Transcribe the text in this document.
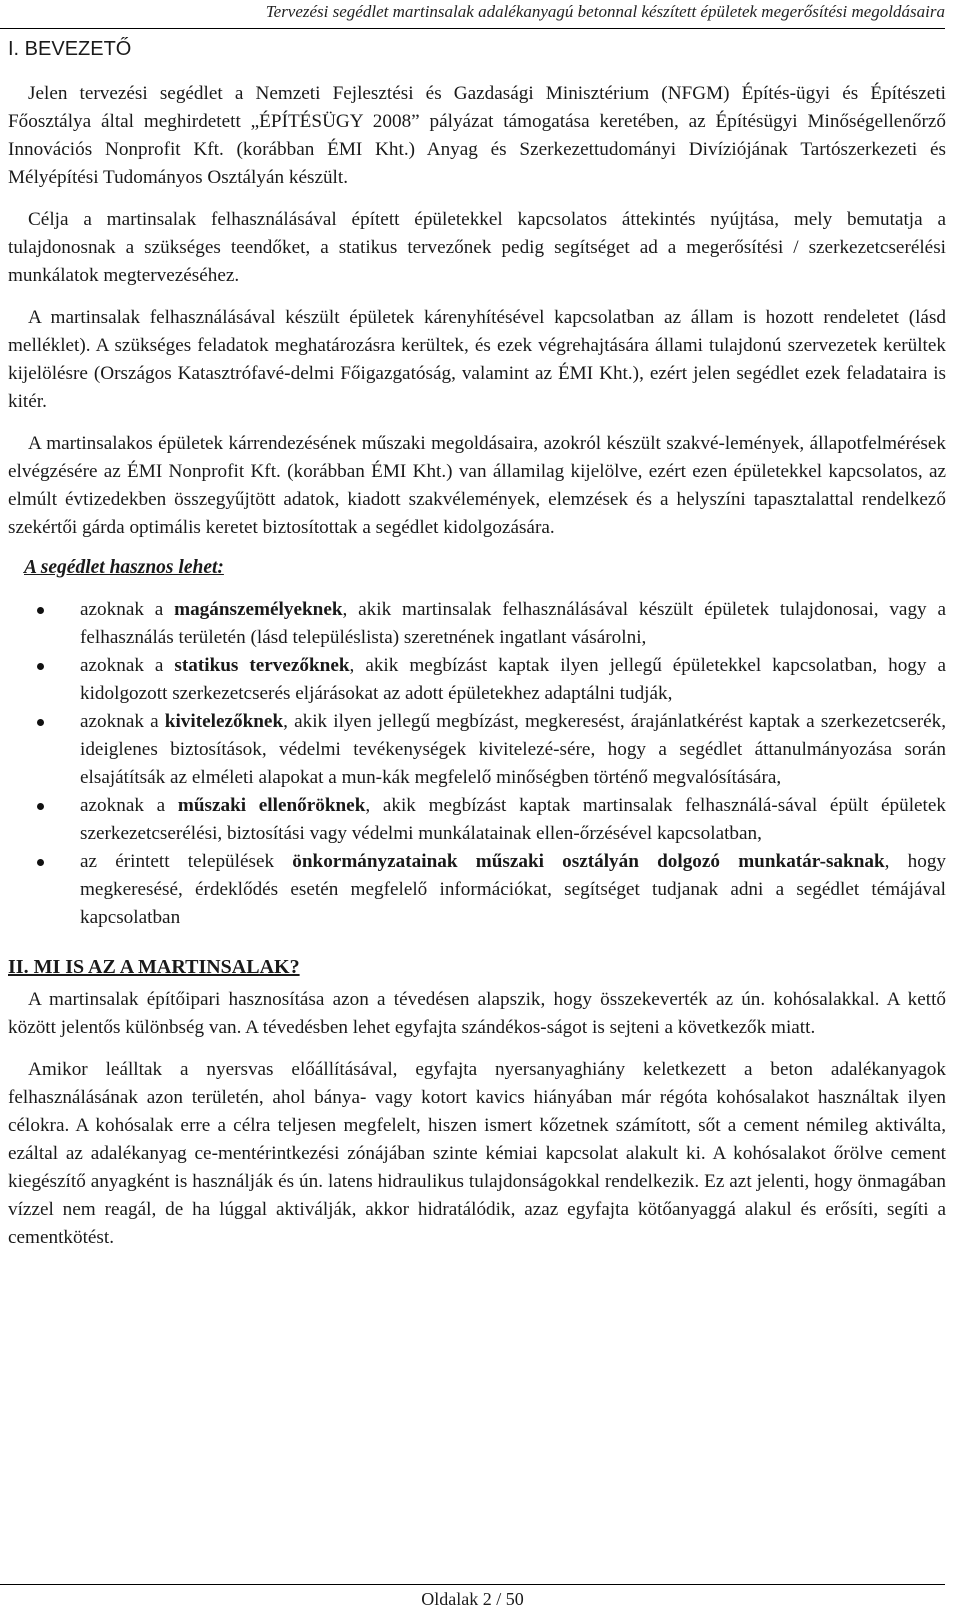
Tervezési segédlet martinsalak adalékanyagú betonnal készített épületek megerősítési megoldásaira
I. BEVEZETŐ

Jelen tervezési segédlet a Nemzeti Fejlesztési és Gazdasági Minisztérium (NFGM) Építés-ügyi és Építészeti Főosztálya által meghirdetett „ÉPÍTÉSÜGY 2008” pályázat támogatása keretében, az Építésügyi Minőségellenőrző Innovációs Nonprofit Kft. (korábban ÉMI Kht.) Anyag és Szerkezettudományi Divíziójának Tartószerkezeti és Mélyépítési Tudományos Osztályán készült.

Célja a martinsalak felhasználásával épített épületekkel kapcsolatos áttekintés nyújtása, mely bemutatja a tulajdonosnak a szükséges teendőket, a statikus tervezőnek pedig segítséget ad a megerősítési / szerkezetcserélési munkálatok megtervezéséhez.

A martinsalak felhasználásával készült épületek kárenyhítésével kapcsolatban az állam is hozott rendeletet (lásd melléklet). A szükséges feladatok meghatározásra kerültek, és ezek végrehajtására állami tulajdonú szervezetek kerültek kijelölésre (Országos Katasztrófavé-delmi Főigazgatóság, valamint az ÉMI Kht.), ezért jelen segédlet ezek feladataira is kitér.

A martinsalakos épületek kárrendezésének műszaki megoldásaira, azokról készült szakvé-lemények, állapotfelmérések elvégzésére az ÉMI Nonprofit Kft. (korábban ÉMI Kht.) van államilag kijelölve, ezért ezen épületekkel kapcsolatos, az elmúlt évtizedekben összegyűjtött adatok, kiadott szakvélemények, elemzések és a helyszíni tapasztalattal rendelkező szekértői gárda optimális keretet biztosítottak a segédlet kidolgozására.

A segédlet hasznos lehet:

azoknak a magánszemélyeknek, akik martinsalak felhasználásával készült épületek tulajdonosai, vagy a felhasználás területén (lásd településlista) szeretnének ingatlant vásárolni,
azoknak a statikus tervezőknek, akik megbízást kaptak ilyen jellegű épületekkel kapcsolatban, hogy a kidolgozott szerkezetcserés eljárásokat az adott épületekhez adaptálni tudják,
azoknak a kivitelezőknek, akik ilyen jellegű megbízást, megkeresést, árajánlatkérést kaptak a szerkezetcserék, ideiglenes biztosítások, védelmi tevékenységek kivitelezé-sére, hogy a segédlet áttanulmányozása során elsajátítsák az elméleti alapokat a mun-kák megfelelő minőségben történő megvalósítására,
azoknak a műszaki ellenőröknek, akik megbízást kaptak martinsalak felhasználá-sával épült épületek szerkezetcserélési, biztosítási vagy védelmi munkálatainak ellen-őrzésével kapcsolatban,
az érintett települések önkormányzatainak műszaki osztályán dolgozó munkatár-saknak, hogy megkeresésé, érdeklődés esetén megfelelő információkat, segítséget tudjanak adni a segédlet témájával kapcsolatban
II. MI IS AZ A MARTINSALAK?

A martinsalak építőipari hasznosítása azon a tévedésen alapszik, hogy összekeverték az ún. kohósalakkal. A kettő között jelentős különbség van. A tévedésben lehet egyfajta szándékos-ságot is sejteni a következők miatt.

Amikor leálltak a nyersvas előállításával, egyfajta nyersanyaghiány keletkezett a beton adalékanyagok felhasználásának azon területén, ahol bánya- vagy kotort kavics hiányában már régóta kohósalakot használtak ilyen célokra. A kohósalak erre a célra teljesen megfelelt, hiszen ismert kőzetnek számított, sőt a cement némileg aktiválta, ezáltal az adalékanyag ce-mentérintkezési zónájában szinte kémiai kapcsolat alakult ki. A kohósalakot őrölve cement kiegészítő anyagként is használják és ún. latens hidraulikus tulajdonságokkal rendelkezik. Ez azt jelenti, hogy önmagában vízzel nem reagál, de ha lúggal aktiválják, akkor hidratálódik, azaz egyfajta kötőanyaggá alakul és erősíti, segíti a cementkötést.

Oldalak 2 / 50
